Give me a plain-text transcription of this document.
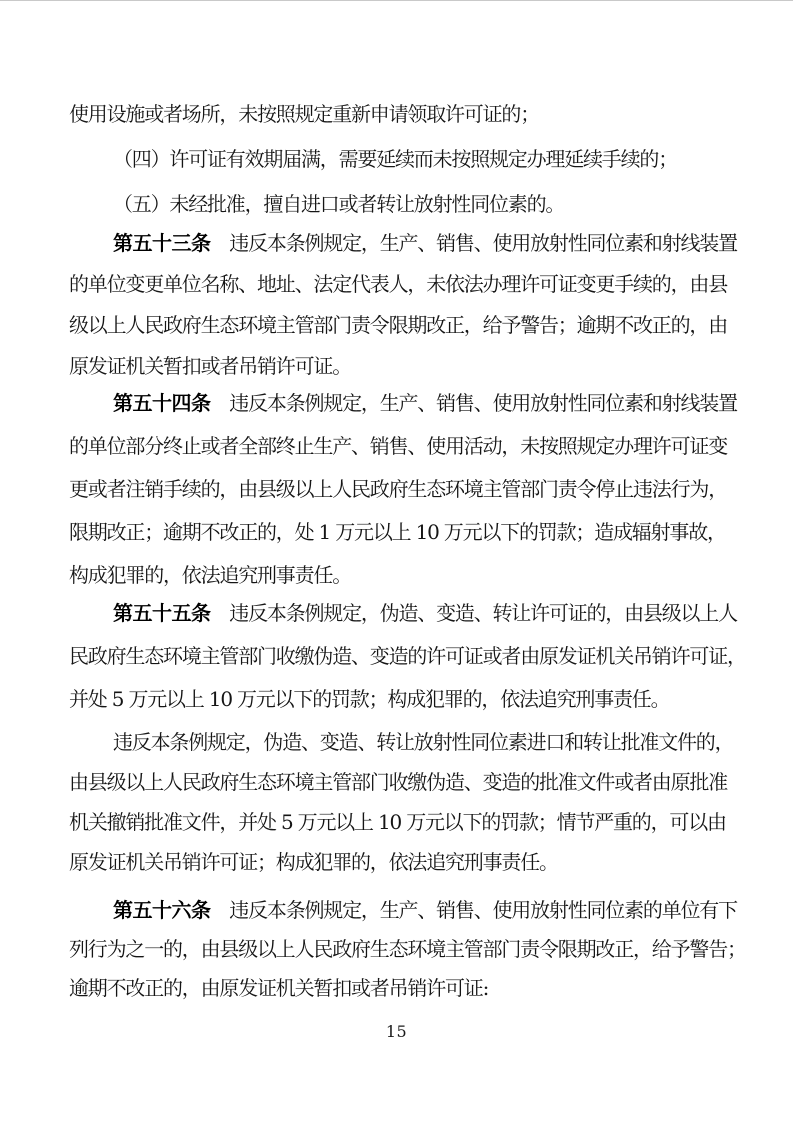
使用设施或者场所，未按照规定重新申请领取许可证的；
（四）许可证有效期届满，需要延续而未按照规定办理延续手续的；
（五）未经批准，擅自进口或者转让放射性同位素的。
第五十三条　违反本条例规定，生产、销售、使用放射性同位素和射线装置
的单位变更单位名称、地址、法定代表人，未依法办理许可证变更手续的，由县
级以上人民政府生态环境主管部门责令限期改正，给予警告；逾期不改正的，由
原发证机关暂扣或者吊销许可证。
第五十四条　违反本条例规定，生产、销售、使用放射性同位素和射线装置
的单位部分终止或者全部终止生产、销售、使用活动，未按照规定办理许可证变
更或者注销手续的，由县级以上人民政府生态环境主管部门责令停止违法行为，
限期改正；逾期不改正的，处 1 万元以上 10 万元以下的罚款；造成辐射事故，
构成犯罪的，依法追究刑事责任。
第五十五条　违反本条例规定，伪造、变造、转让许可证的，由县级以上人
民政府生态环境主管部门收缴伪造、变造的许可证或者由原发证机关吊销许可证，
并处 5 万元以上 10 万元以下的罚款；构成犯罪的，依法追究刑事责任。
违反本条例规定，伪造、变造、转让放射性同位素进口和转让批准文件的，
由县级以上人民政府生态环境主管部门收缴伪造、变造的批准文件或者由原批准
机关撤销批准文件，并处 5 万元以上 10 万元以下的罚款；情节严重的，可以由
原发证机关吊销许可证；构成犯罪的，依法追究刑事责任。
第五十六条　违反本条例规定，生产、销售、使用放射性同位素的单位有下
列行为之一的，由县级以上人民政府生态环境主管部门责令限期改正，给予警告；
逾期不改正的，由原发证机关暂扣或者吊销许可证:
15
